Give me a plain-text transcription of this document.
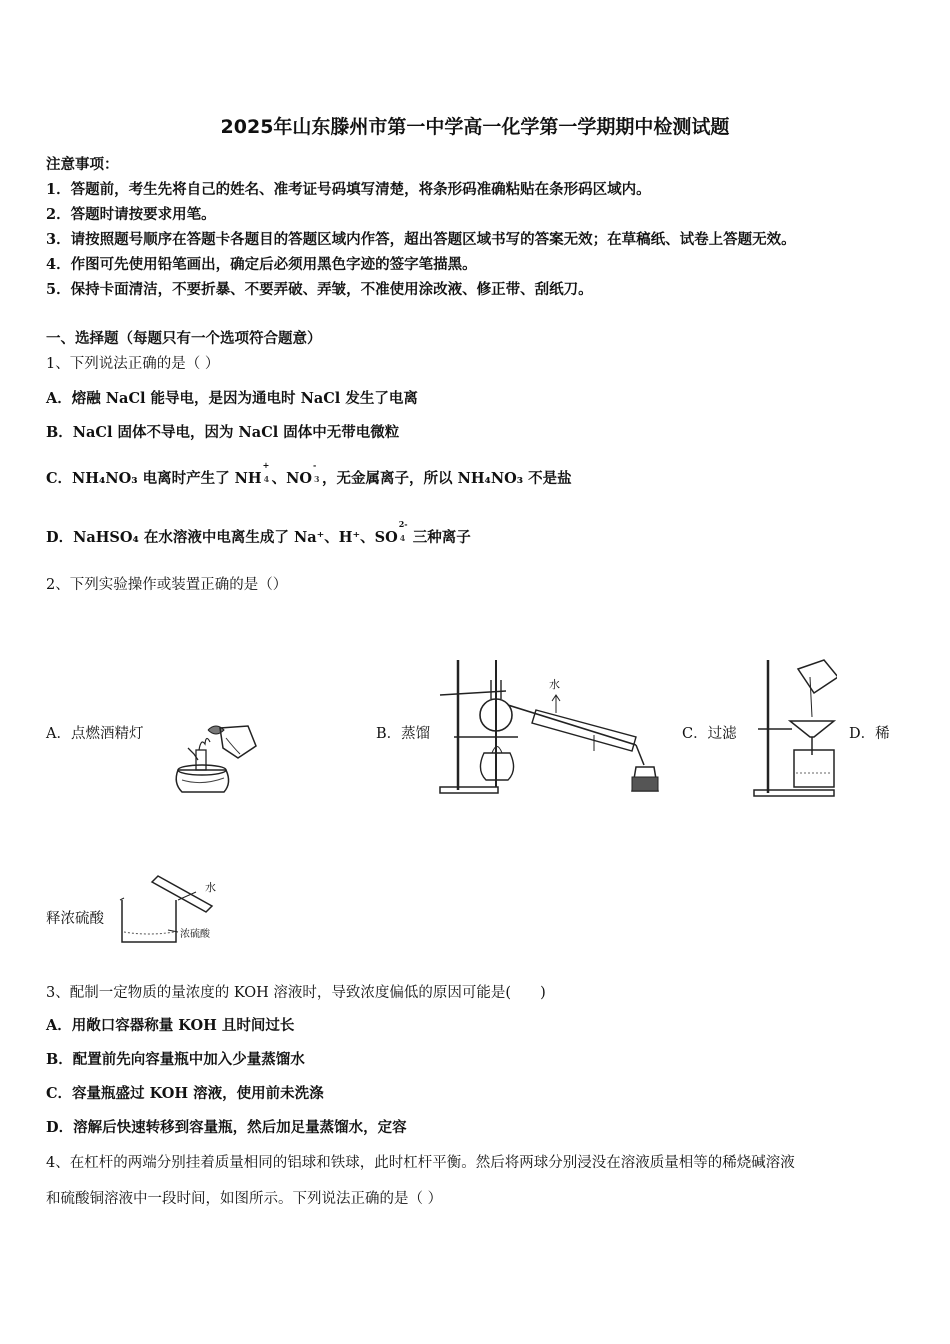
2025年山东滕州市第一中学高一化学第一学期期中检测试题
注意事项：
1．答题前，考生先将自己的姓名、准考证号码填写清楚，将条形码准确粘贴在条形码区域内。
2．答题时请按要求用笔。
3．请按照题号顺序在答题卡各题目的答题区域内作答，超出答题区域书写的答案无效；在草稿纸、试卷上答题无效。
4．作图可先使用铅笔画出，确定后必须用黑色字迹的签字笔描黑。
5．保持卡面清洁，不要折暴、不要弄破、弄皱，不准使用涂改液、修正带、刮纸刀。
一、选择题（每题只有一个选项符合题意）
1、下列说法正确的是（ ）
A．熔融 NaCl 能导电，是因为通电时 NaCl 发生了电离
B．NaCl 固体不导电，因为 NaCl 固体中无带电微粒
C．NH₄NO₃ 电离时产生了 NH
+
4 、NO
-
3 ，无金属离子，所以 NH₄NO₃ 不是盐
D．NaHSO₄ 在水溶液中电离生成了 Na⁺、H⁺、SO
2-
4 三种离子
2、下列实验操作或装置正确的是（）
A．点燃酒精灯	B．蒸馏	C．过滤	D．稀
水
释浓硫酸
水
浓硫酸
3、配制一定物质的量浓度的 KOH 溶液时，导致浓度偏低的原因可能是(　　)
A．用敞口容器称量 KOH 且时间过长
B．配置前先向容量瓶中加入少量蒸馏水
C．容量瓶盛过 KOH 溶液，使用前未洗涤
D．溶解后快速转移到容量瓶，然后加足量蒸馏水，定容
4、在杠杆的两端分别挂着质量相同的铝球和铁球，此时杠杆平衡。然后将两球分别浸没在溶液质量相等的稀烧碱溶液
和硫酸铜溶液中一段时间，如图所示。下列说法正确的是（ ）
